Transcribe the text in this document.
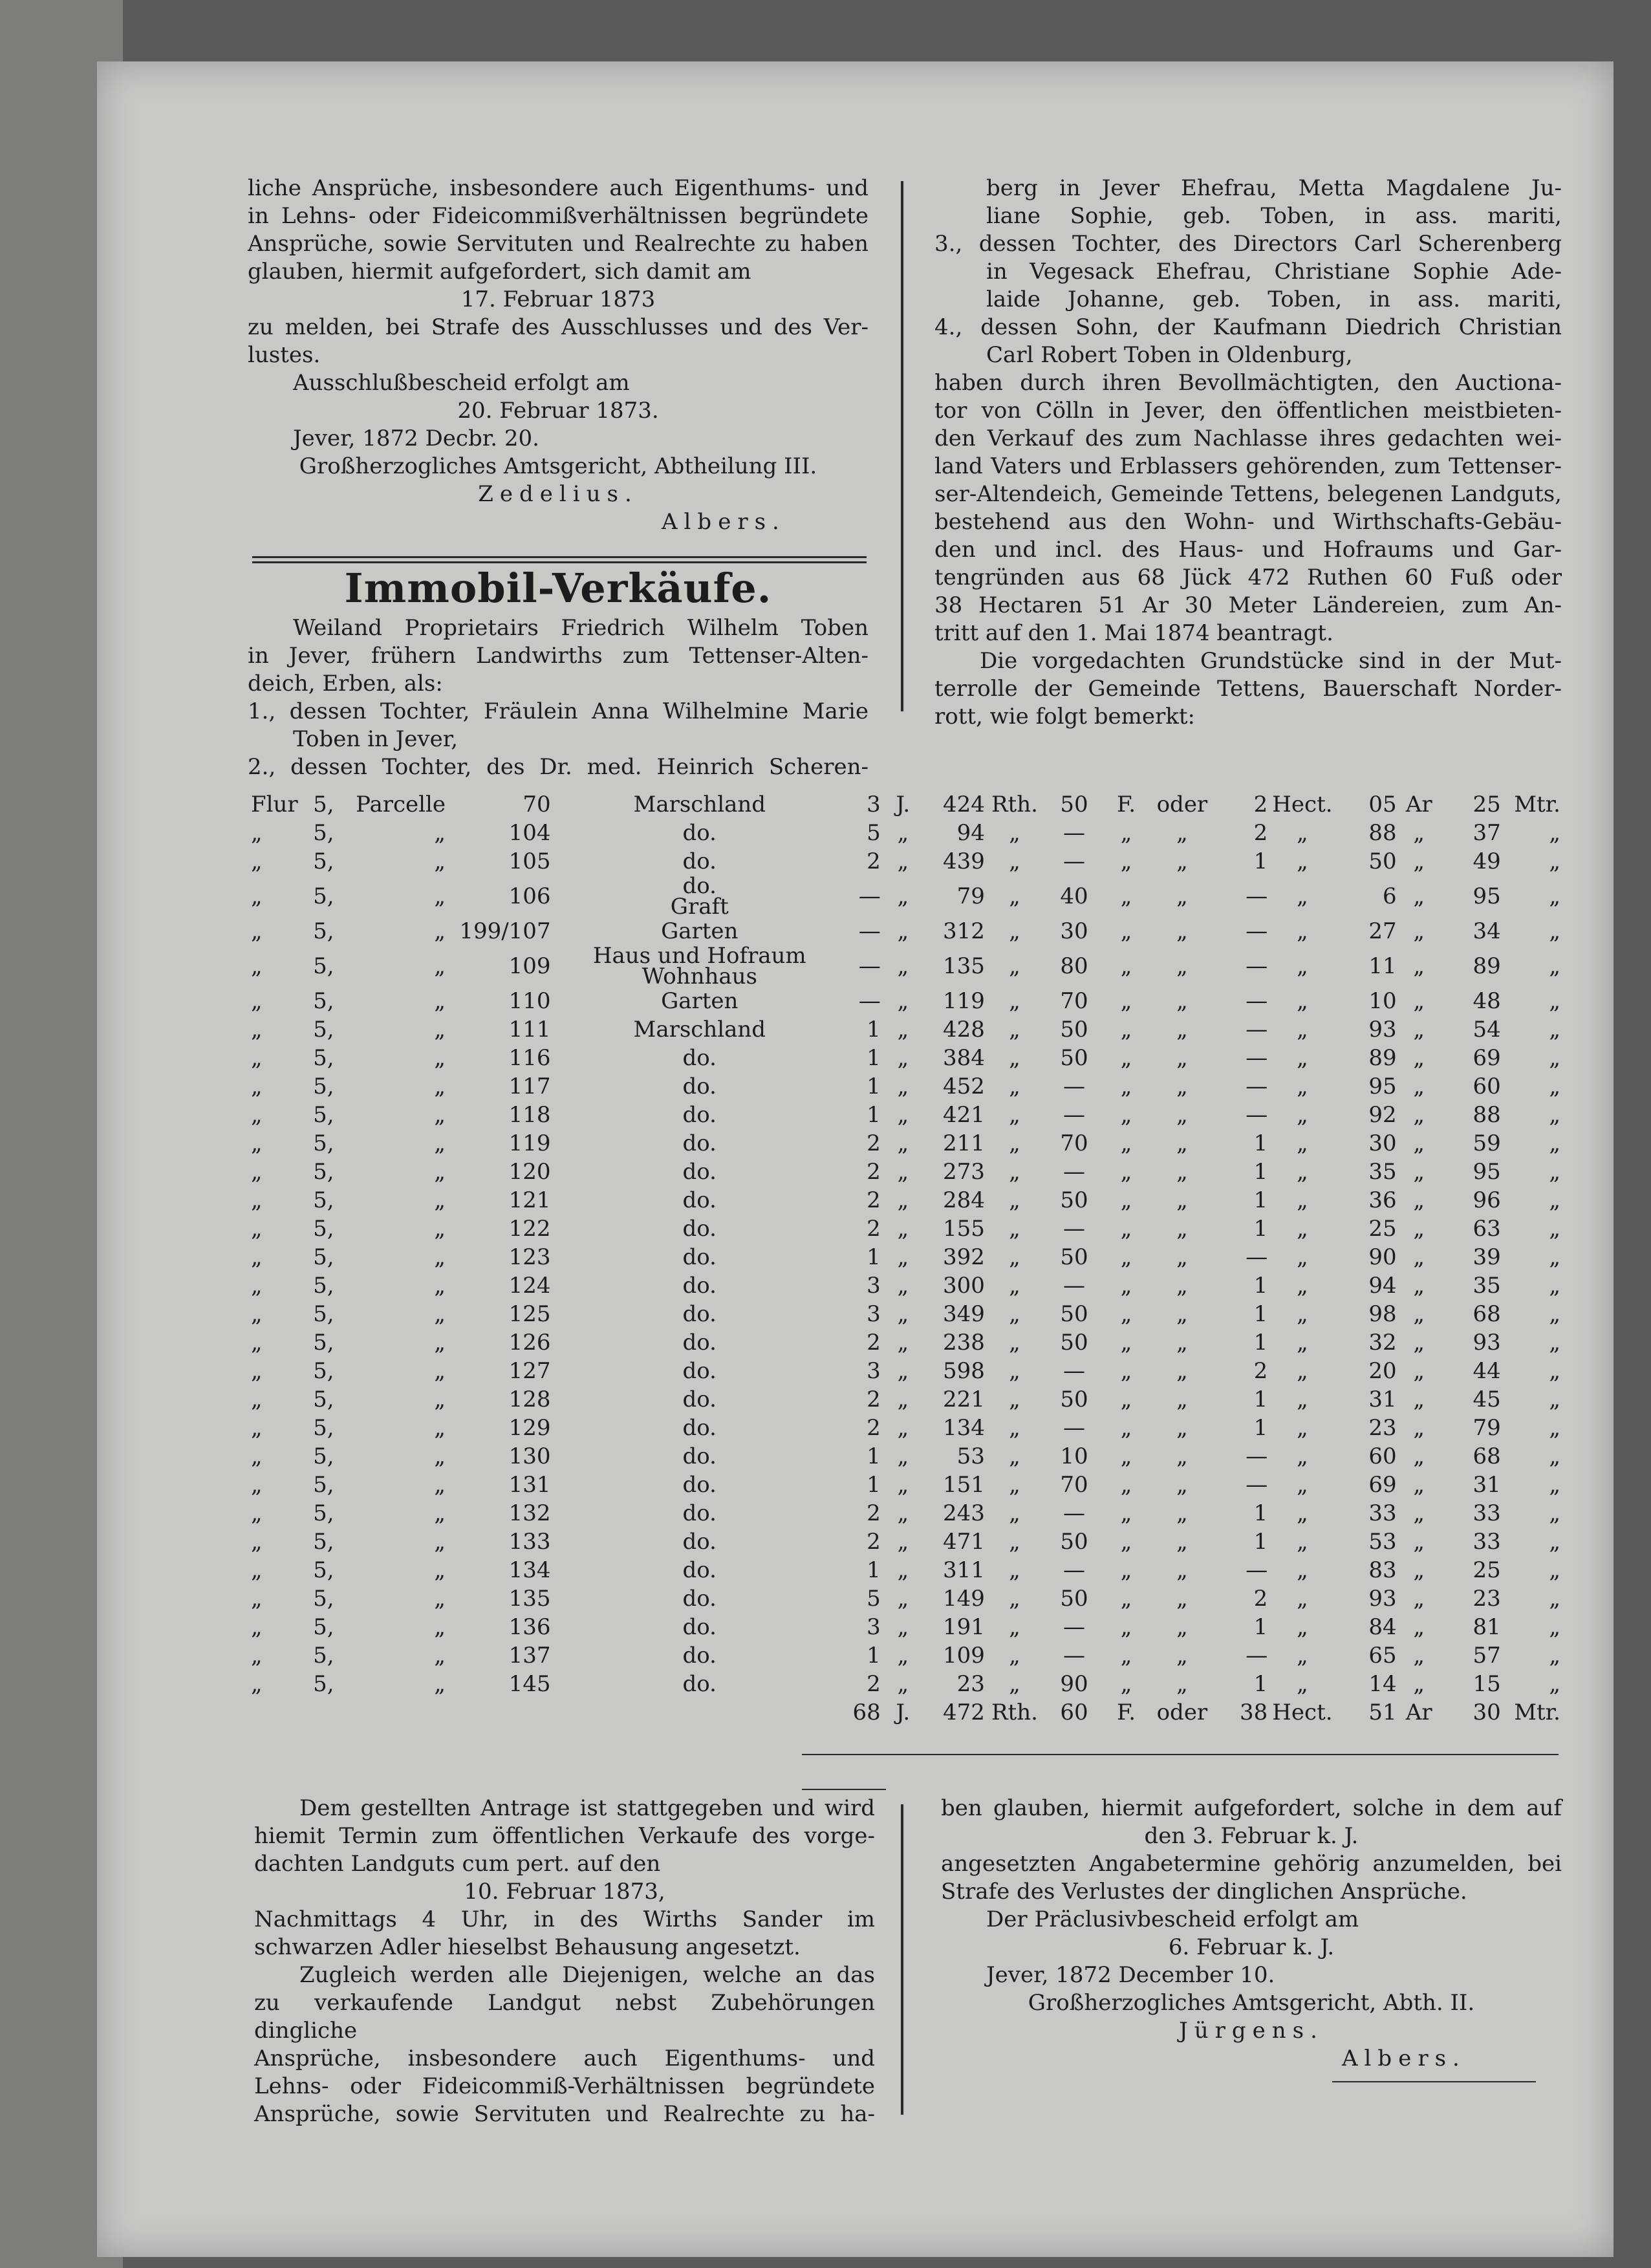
liche Ansprüche, insbesondere auch Eigenthums- und

in Lehns- oder Fideicommißverhältnissen begründete

Ansprüche, sowie Servituten und Realrechte zu haben

glauben, hiermit aufgefordert, sich damit am

17. Februar 1873

zu melden, bei Strafe des Ausschlusses und des Ver-

lustes.

Ausschlußbescheid erfolgt am

20. Februar 1873.

Jever, 1872 Decbr. 20.

Großherzogliches Amtsgericht, Abtheilung III.

Zedelius.

Albers.

Immobil-Verkäufe.

Weiland Proprietairs Friedrich Wilhelm Toben

in Jever, frühern Landwirths zum Tettenser-Alten-

deich, Erben, als:

1., dessen Tochter, Fräulein Anna Wilhelmine Marie

Toben in Jever,

2., dessen Tochter, des Dr. med. Heinrich Scheren-

berg in Jever Ehefrau, Metta Magdalene Ju-

liane Sophie, geb. Toben, in ass. mariti,

3., dessen Tochter, des Directors Carl Scherenberg

in Vegesack Ehefrau, Christiane Sophie Ade-

laide Johanne, geb. Toben, in ass. mariti,

4., dessen Sohn, der Kaufmann Diedrich Christian

Carl Robert Toben in Oldenburg,

haben durch ihren Bevollmächtigten, den Auctiona-

tor von Cölln in Jever, den öffentlichen meistbieten-

den Verkauf des zum Nachlasse ihres gedachten wei-

land Vaters und Erblassers gehörenden, zum Tettenser-

ser-Altendeich, Gemeinde Tettens, belegenen Landguts,

bestehend aus den Wohn- und Wirthschafts-Gebäu-

den und incl. des Haus- und Hofraums und Gar-

tengründen aus 68 Jück 472 Ruthen 60 Fuß oder

38 Hectaren 51 Ar 30 Meter Ländereien, zum An-

tritt auf den 1. Mai 1874 beantragt.

Die vorgedachten Grundstücke sind in der Mut-

terrolle der Gemeinde Tettens, Bauerschaft Norder-

rott, wie folgt bemerkt:

Flur	5,	Parcelle	70	Marschland	3	J.	424	Rth.	50	F.	oder	2	Hect.	05	Ar	25	Mtr.
„	5,	„	104	do.	5	„	94	„	—	„	„	2	„	88	„	37	„
„	5,	„	105	do.	2	„	439	„	—	„	„	1	„	50	„	49	„
„	5,	„	106	do.
Graft	—	„	79	„	40	„	„	—	„	6	„	95	„
„	5,	„	199/107	Garten	—	„	312	„	30	„	„	—	„	27	„	34	„
„	5,	„	109	Haus und Hofraum
Wohnhaus	—	„	135	„	80	„	„	—	„	11	„	89	„
„	5,	„	110	Garten	—	„	119	„	70	„	„	—	„	10	„	48	„
„	5,	„	111	Marschland	1	„	428	„	50	„	„	—	„	93	„	54	„
„	5,	„	116	do.	1	„	384	„	50	„	„	—	„	89	„	69	„
„	5,	„	117	do.	1	„	452	„	—	„	„	—	„	95	„	60	„
„	5,	„	118	do.	1	„	421	„	—	„	„	—	„	92	„	88	„
„	5,	„	119	do.	2	„	211	„	70	„	„	1	„	30	„	59	„
„	5,	„	120	do.	2	„	273	„	—	„	„	1	„	35	„	95	„
„	5,	„	121	do.	2	„	284	„	50	„	„	1	„	36	„	96	„
„	5,	„	122	do.	2	„	155	„	—	„	„	1	„	25	„	63	„
„	5,	„	123	do.	1	„	392	„	50	„	„	—	„	90	„	39	„
„	5,	„	124	do.	3	„	300	„	—	„	„	1	„	94	„	35	„
„	5,	„	125	do.	3	„	349	„	50	„	„	1	„	98	„	68	„
„	5,	„	126	do.	2	„	238	„	50	„	„	1	„	32	„	93	„
„	5,	„	127	do.	3	„	598	„	—	„	„	2	„	20	„	44	„
„	5,	„	128	do.	2	„	221	„	50	„	„	1	„	31	„	45	„
„	5,	„	129	do.	2	„	134	„	—	„	„	1	„	23	„	79	„
„	5,	„	130	do.	1	„	53	„	10	„	„	—	„	60	„	68	„
„	5,	„	131	do.	1	„	151	„	70	„	„	—	„	69	„	31	„
„	5,	„	132	do.	2	„	243	„	—	„	„	1	„	33	„	33	„
„	5,	„	133	do.	2	„	471	„	50	„	„	1	„	53	„	33	„
„	5,	„	134	do.	1	„	311	„	—	„	„	—	„	83	„	25	„
„	5,	„	135	do.	5	„	149	„	50	„	„	2	„	93	„	23	„
„	5,	„	136	do.	3	„	191	„	—	„	„	1	„	84	„	81	„
„	5,	„	137	do.	1	„	109	„	—	„	„	—	„	65	„	57	„
„	5,	„	145	do.	2	„	23	„	90	„	„	1	„	14	„	15	„
					68	J.	472	Rth.	60	F.	oder	38	Hect.	51	Ar	30	Mtr.

Dem gestellten Antrage ist stattgegeben und wird

hiemit Termin zum öffentlichen Verkaufe des vorge-

dachten Landguts cum pert. auf den

10. Februar 1873,

Nachmittags 4 Uhr, in des Wirths Sander im

schwarzen Adler hieselbst Behausung angesetzt.

Zugleich werden alle Diejenigen, welche an das

zu verkaufende Landgut nebst Zubehörungen dingliche

Ansprüche, insbesondere auch Eigenthums- und

Lehns- oder Fideicommiß-Verhältnissen begründete

Ansprüche, sowie Servituten und Realrechte zu ha-

ben glauben, hiermit aufgefordert, solche in dem auf

den 3. Februar k. J.

angesetzten Angabetermine gehörig anzumelden, bei

Strafe des Verlustes der dinglichen Ansprüche.

Der Präclusivbescheid erfolgt am

6. Februar k. J.

Jever, 1872 December 10.

Großherzogliches Amtsgericht, Abth. II.

Jürgens.

Albers.
